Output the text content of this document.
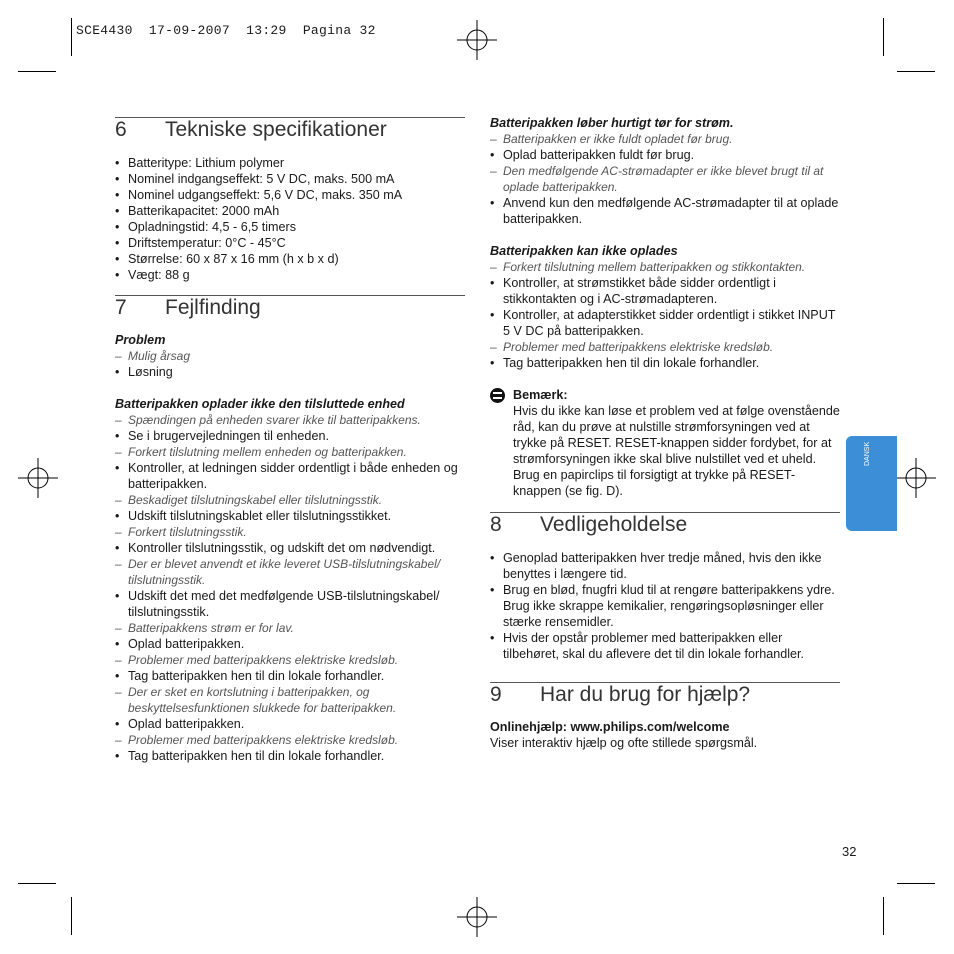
SCE4430  17-09-2007  13:29  Pagina 32
6	Tekniske specifikationer
• Batteritype: Lithium polymer
• Nominel indgangseffekt: 5 V DC, maks. 500 mA
• Nominel udgangseffekt: 5,6 V DC, maks. 350 mA
• Batterikapacitet: 2000 mAh
• Opladningstid: 4,5 - 6,5 timers
• Driftstemperatur: 0°C - 45°C
• Størrelse: 60 x 87 x 16 mm (h x b x d)
• Vægt: 88 g
7	Fejlfinding
Problem
– Mulig årsag
• Løsning
Batteripakken oplader ikke den tilsluttede enhed
– Spændingen på enheden svarer ikke til batteripakkens.
• Se i brugervejledningen til enheden.
– Forkert tilslutning mellem enheden og batteripakken.
• Kontroller, at ledningen sidder ordentligt i både enheden og batteripakken.
– Beskadiget tilslutningskabel eller tilslutningsstik.
• Udskift tilslutningskablet eller tilslutningsstikket.
– Forkert tilslutningsstik.
• Kontroller tilslutningsstik, og udskift det om nødvendigt.
– Der er blevet anvendt et ikke leveret USB-tilslutningskabel/ tilslutningsstik.
• Udskift det med det medfølgende USB-tilslutningskabel/ tilslutningsstik.
– Batteripakkens strøm er for lav.
• Oplad batteripakken.
– Problemer med batteripakkens elektriske kredsløb.
• Tag batteripakken hen til din lokale forhandler.
– Der er sket en kortslutning i batteripakken, og beskyttelsesfunktionen slukkede for batteripakken.
• Oplad batteripakken.
– Problemer med batteripakkens elektriske kredsløb.
• Tag batteripakken hen til din lokale forhandler.
Batteripakken løber hurtigt tør for strøm.
– Batteripakken er ikke fuldt opladet før brug.
• Oplad batteripakken fuldt før brug.
– Den medfølgende AC-strømadapter er ikke blevet brugt til at oplade batteripakken.
• Anvend kun den medfølgende AC-strømadapter til at oplade batteripakken.
Batteripakken kan ikke oplades
– Forkert tilslutning mellem batteripakken og stikkontakten.
• Kontroller, at strømstikket både sidder ordentligt i stikkontakten og i AC-strømadapteren.
• Kontroller, at adapterstikket sidder ordentligt i stikket INPUT 5 V DC på batteripakken.
– Problemer med batteripakkens elektriske kredsløb.
• Tag batteripakken hen til din lokale forhandler.
Bemærk:
Hvis du ikke kan løse et problem ved at følge ovenstående råd, kan du prøve at nulstille strømforsyningen ved at trykke på RESET. RESET-knappen sidder fordybet, for at strømforsyningen ikke skal blive nulstillet ved et uheld. Brug en papirclips til forsigtigt at trykke på RESET-knappen (se fig. D).
8	Vedligeholdelse
• Genoplad batteripakken hver tredje måned, hvis den ikke benyttes i længere tid.
• Brug en blød, fnugfri klud til at rengøre batteripakkens ydre. Brug ikke skrappe kemikalier, rengøringsopløsninger eller stærke rensemidler.
• Hvis der opstår problemer med batteripakken eller tilbehøret, skal du aflevere det til din lokale forhandler.
9	Har du brug for hjælp?
Onlinehjælp: www.philips.com/welcome
Viser interaktiv hjælp og ofte stillede spørgsmål.
DANSK
32
